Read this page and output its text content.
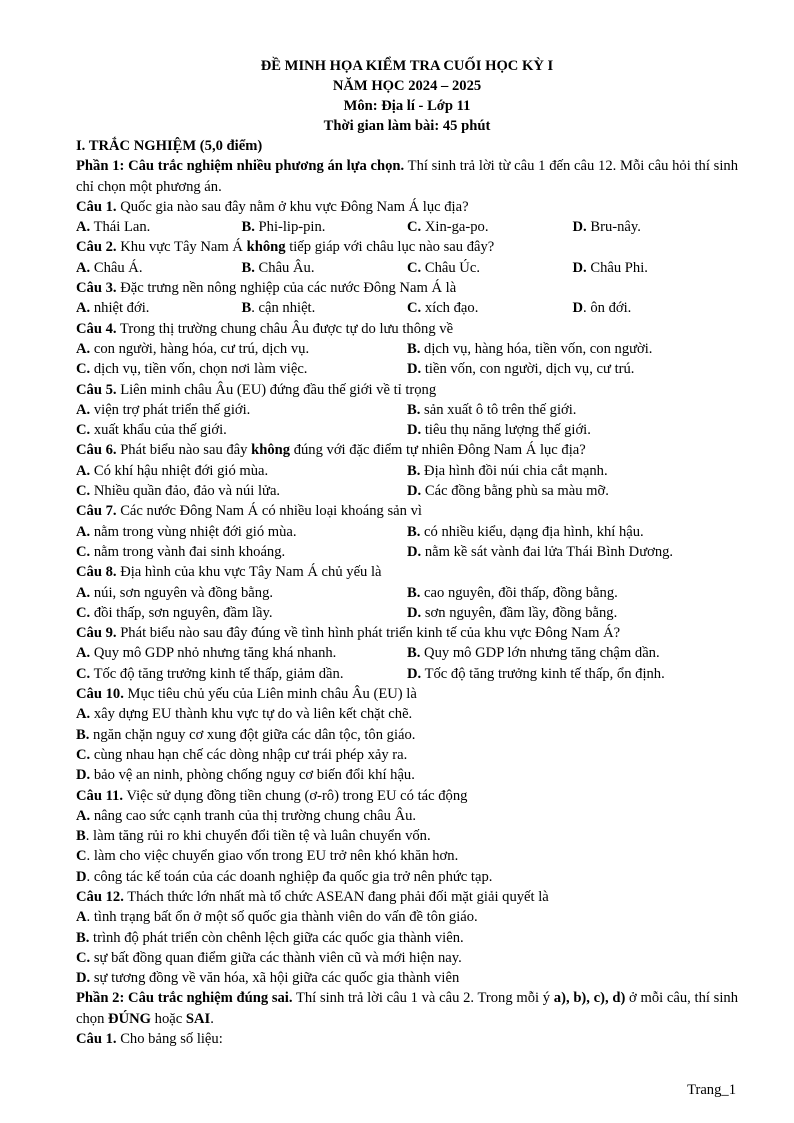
ĐỀ MINH HỌA KIỂM TRA CUỐI HỌC KỲ I
NĂM HỌC 2024 – 2025
Môn: Địa lí - Lớp 11
Thời gian làm bài: 45 phút
I. TRẮC NGHIỆM (5,0 điểm)
Phần 1: Câu trắc nghiệm nhiều phương án lựa chọn. Thí sinh trả lời từ câu 1 đến câu 12. Mỗi câu hỏi thí sinh chỉ chọn một phương án.
Câu 1. Quốc gia nào sau đây nằm ở khu vực Đông Nam Á lục địa?
A. Thái Lan.	B. Phi-lip-pin.	C. Xin-ga-po.	D. Bru-nây.
Câu 2. Khu vực Tây Nam Á không tiếp giáp với châu lục nào sau đây?
A. Châu Á.	B. Châu Âu.	C. Châu Úc.	D. Châu Phi.
Câu 3. Đặc trưng nền nông nghiệp của các nước Đông Nam Á là
A. nhiệt đới.	B. cận nhiệt.	C. xích đạo.	D. ôn đới.
Câu 4. Trong thị trường chung châu Âu được tự do lưu thông về
A. con người, hàng hóa, cư trú, dịch vụ.	B. dịch vụ, hàng hóa, tiền vốn, con người.
C. dịch vụ, tiền vốn, chọn nơi làm việc.	D. tiền vốn, con người, dịch vụ, cư trú.
Câu 5. Liên minh châu Âu (EU) đứng đầu thế giới về tỉ trọng
A. viện trợ phát triển thế giới.	B. sản xuất ô tô trên thế giới.
C. xuất khẩu của thế giới.	D. tiêu thụ năng lượng thế giới.
Câu 6. Phát biểu nào sau đây không đúng với đặc điểm tự nhiên Đông Nam Á lục địa?
A. Có khí hậu nhiệt đới gió mùa.	B. Địa hình đồi núi chia cắt mạnh.
C. Nhiều quần đảo, đảo và núi lửa.	D. Các đồng bằng phù sa màu mỡ.
Câu 7. Các nước Đông Nam Á có nhiều loại khoáng sản vì
A. nằm trong vùng nhiệt đới gió mùa.	B. có nhiều kiểu, dạng địa hình, khí hậu.
C. nằm trong vành đai sinh khoáng.	D. nằm kề sát vành đai lửa Thái Bình Dương.
Câu 8. Địa hình của khu vực Tây Nam Á chủ yếu là
A. núi, sơn nguyên và đồng bằng.	B. cao nguyên, đồi thấp, đồng bằng.
C. đồi thấp, sơn nguyên, đầm lầy.	D. sơn nguyên, đầm lầy, đồng bằng.
Câu 9. Phát biểu nào sau đây đúng về tình hình phát triển kinh tế của khu vực Đông Nam Á?
A. Quy mô GDP nhỏ nhưng tăng khá nhanh.	B. Quy mô GDP lớn nhưng tăng chậm dần.
C. Tốc độ tăng trưởng kinh tế thấp, giảm dần.	D. Tốc độ tăng trưởng kinh tế thấp, ổn định.
Câu 10. Mục tiêu chủ yếu của Liên minh châu Âu (EU) là
A. xây dựng EU thành khu vực tự do và liên kết chặt chẽ.
B. ngăn chặn nguy cơ xung đột giữa các dân tộc, tôn giáo.
C. cùng nhau hạn chế các dòng nhập cư trái phép xảy ra.
D. bảo vệ an ninh, phòng chống nguy cơ biến đổi khí hậu.
Câu 11. Việc sử dụng đồng tiền chung (ơ-rô) trong EU có tác động
A. nâng cao sức cạnh tranh của thị trường chung châu Âu.
B. làm tăng rủi ro khi chuyển đổi tiền tệ và luân chuyển vốn.
C. làm cho việc chuyển giao vốn trong EU trở nên khó khăn hơn.
D. công tác kế toán của các doanh nghiệp đa quốc gia trở nên phức tạp.
Câu 12. Thách thức lớn nhất mà tổ chức ASEAN đang phải đối mặt giải quyết là
A. tình trạng bất ổn ở một số quốc gia thành viên do vấn đề tôn giáo.
B. trình độ phát triển còn chênh lệch giữa các quốc gia thành viên.
C. sự bất đồng quan điểm giữa các thành viên cũ và mới hiện nay.
D. sự tương đồng về văn hóa, xã hội giữa các quốc gia thành viên
Phần 2: Câu trắc nghiệm đúng sai. Thí sinh trả lời câu 1 và câu 2. Trong mỗi ý a), b), c), d) ở mỗi câu, thí sinh chọn ĐÚNG hoặc SAI.
Câu 1. Cho bảng số liệu:
Trang_1
